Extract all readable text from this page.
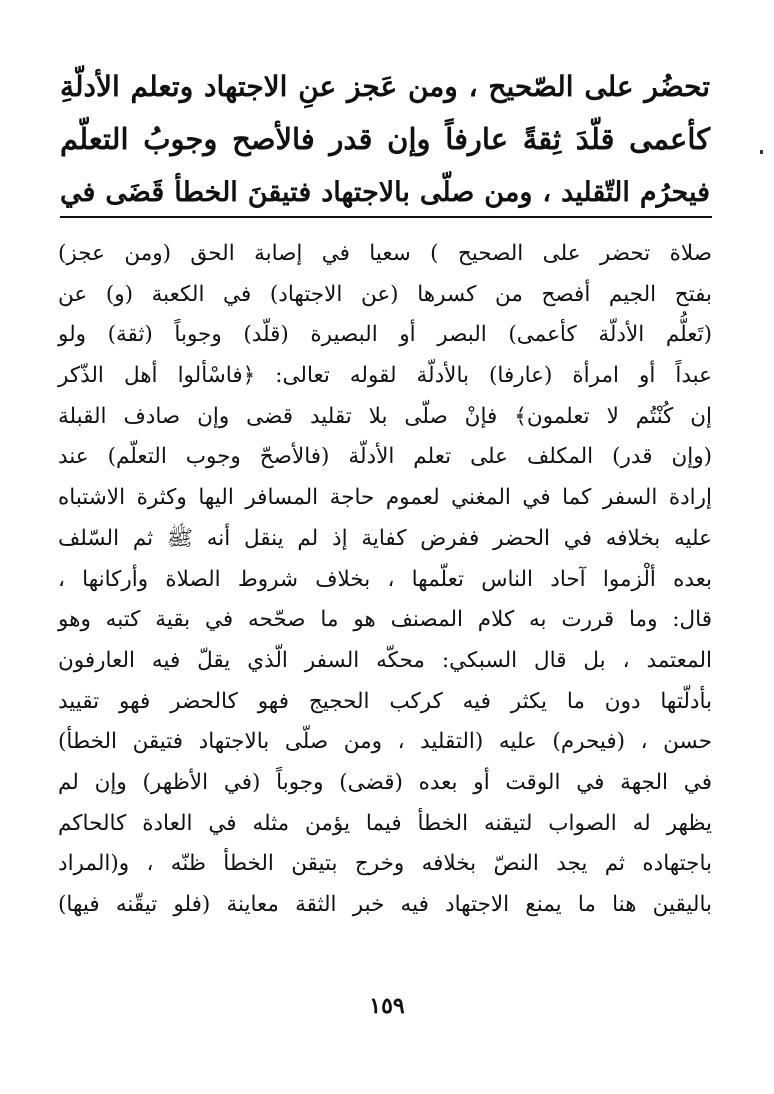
تحضُر على الصّحيح ، ومن عَجز عنِ الاجتهاد وتعلم الأدلّةِ
كأعمى قلّدَ ثِقةً عارفاً وإن قدر فالأصح وجوبُ التعلّم
فيحرُم التّقليد ، ومن صلّى بالاجتهاد فتيقنَ الخطأ قَضَى في
صلاة تحضر على الصحيح ) سعيا في إصابة الحق (ومن عجز)
بفتح الجيم أفصح من كسرها (عن الاجتهاد) في الكعبة (و) عن
(تَعلُّم الأدلّة كأعمى) البصر أو البصيرة (قلّد) وجوباً (ثقة) ولو
عبداً أو امرأة (عارفا) بالأدلّة لقوله تعالى: ﴿فاسْألوا أهل الذّكر
إن كُنْتُم لا تعلمون﴾ فإنْ صلّى بلا تقليد قضى وإن صادف القبلة
(وإن قدر) المكلف على تعلم الأدلّة (فالأصحّ وجوب التعلّم) عند
إرادة السفر كما في المغني لعموم حاجة المسافر اليها وكثرة الاشتباه
عليه بخلافه في الحضر ففرض كفاية إذ لم ينقل أنه ﷺ ثم السّلف
بعده ألْزموا آحاد الناس تعلّمها ، بخلاف شروط الصلاة وأركانها ،
قال: وما قررت به كلام المصنف هو ما صحّحه في بقية كتبه وهو
المعتمد ، بل قال السبكي: محكّه السفر الّذي يقلّ فيه العارفون
بأدلّتها دون ما يكثر فيه كركب الحجيج فهو كالحضر فهو تقييد
حسن ، (فيحرم) عليه (التقليد ، ومن صلّى بالاجتهاد فتيقن الخطأ)
في الجهة في الوقت أو بعده (قضى) وجوباً (في الأظهر) وإن لم
يظهر له الصواب لتيقنه الخطأ فيما يؤمن مثله في العادة كالحاكم
باجتهاده ثم يجد النصّ بخلافه وخرج بتيقن الخطأ ظنّه ، و(المراد
باليقين هنا ما يمنع الاجتهاد فيه خبر الثقة معاينة (فلو تيقّنه فيها)
١٥٩
